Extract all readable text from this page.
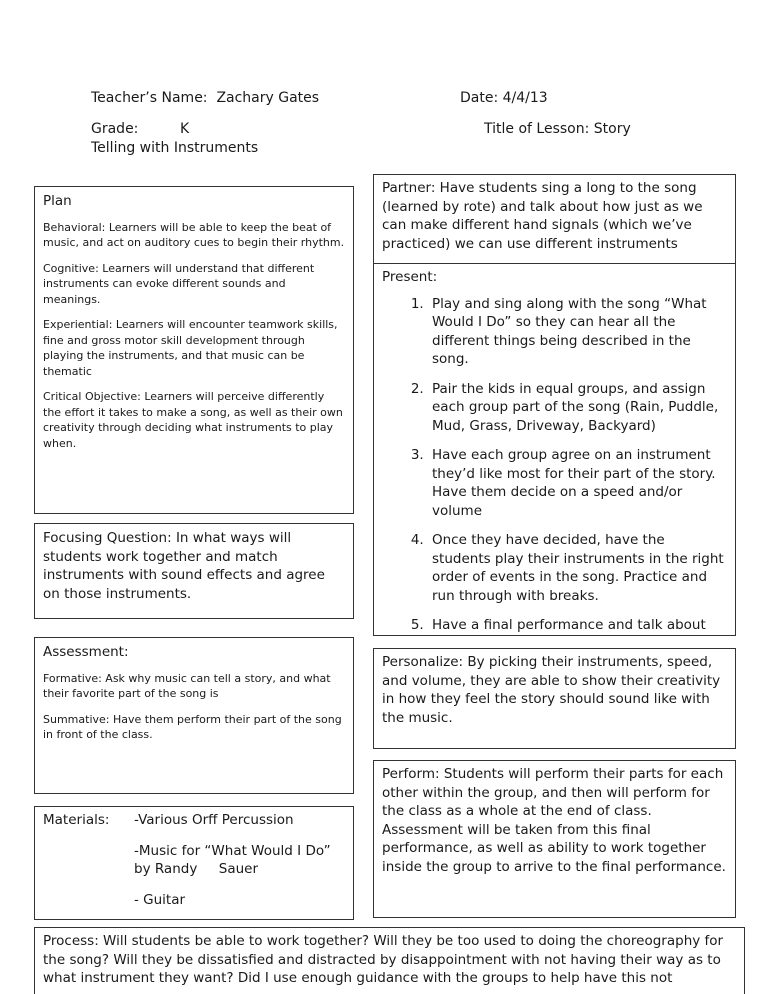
Teacher’s Name: Zachary Gates	Date: 4/4/13
Grade:	K	Title of Lesson: Story
Telling with Instruments

Plan

Behavioral: Learners will be able to keep the beat of music, and act on auditory cues to begin their rhythm.

Cognitive: Learners will understand that different instruments can evoke different sounds and meanings.

Experiential: Learners will encounter teamwork skills, fine and gross motor skill development through playing the instruments, and that music can be thematic

Critical Objective: Learners will perceive differently the effort it takes to make a song, as well as their own creativity through deciding what instruments to play when.

Focusing Question: In what ways will students work together and match instruments with sound effects and agree on those instruments.

Assessment:

Formative: Ask why music can tell a story, and what their favorite part of the song is

Summative: Have them perform their part of the song in front of the class.

Materials:	-Various Orff Percussion
-Music for “What Would I Do” by Randy     Sauer
- Guitar

Partner: Have students sing a long to the song (learned by rote) and talk about how just as we can make different hand signals (which we’ve practiced) we can use different instruments

Present:

1. Play and sing along with the song “What Would I Do” so they can hear all the different things being described in the song.
2. Pair the kids in equal groups, and assign each group part of the song (Rain, Puddle, Mud, Grass, Driveway, Backyard)
3. Have each group agree on an instrument they’d like most for their part of the story. Have them decide on a speed and/or volume
4. Once they have decided, have the students play their instruments in the right order of events in the song. Practice and run through with breaks.
5. Have a final performance and talk about

Personalize: By picking their instruments, speed, and volume, they are able to show their creativity in how they feel the story should sound like with the music.

Perform: Students will perform their parts for each other within the group, and then will perform for the class as a whole at the end of class. Assessment will be taken from this final performance, as well as ability to work together inside the group to arrive to the final performance.

Process: Will students be able to work together? Will they be too used to doing the choreography for the song? Will they be dissatisfied and distracted by disappointment with not having their way as to what instrument they want? Did I use enough guidance with the groups to help have this not
